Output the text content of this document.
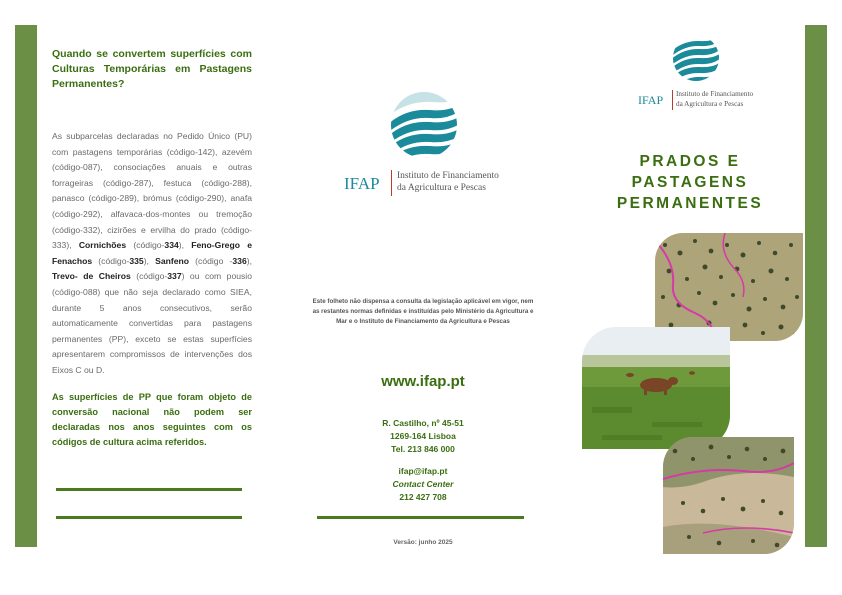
Quando se convertem superfícies com Culturas Temporárias em Pastagens Permanentes?
As subparcelas declaradas no Pedido Único (PU) com pastagens temporárias (código-142), azevém (código-087), consociações anuais e outras forrageiras (código-287), festuca (código-288), panasco (código-289), brómus (código-290), anafa (código-292), alfavaca-dos-montes ou tremoção (código-332), cizirões e ervilha do prado (código-333), Cornichões (código-334), Feno-Grego e Fenachos (código-335), Sanfeno (código -336), Trevo- de Cheiros (código-337) ou com pousio (código-088) que não seja declarado como SIEA, durante 5 anos consecutivos, serão automaticamente convertidas para pastagens permanentes (PP), exceto se estas superfícies apresentarem compromissos de intervenções dos Eixos C ou D.
As superfícies de PP que foram objeto de conversão nacional não podem ser declaradas nos anos seguintes com os códigos de cultura acima referidos.
IFAP Instituto de Financiamento
da Agricultura e Pescas
Este folheto não dispensa a consulta da legislação aplicável em vigor, nem as restantes normas definidas e instituídas pelo Ministério da Agricultura e Mar e o Instituto de Financiamento da Agricultura e Pescas
www.ifap.pt
R. Castilho, nº 45-51
1269-164 Lisboa
Tel. 213 846 000
ifap@ifap.pt
Contact Center
212 427 708
Versão: junho 2025
IFAP Instituto de Financiamento
da Agricultura e Pescas
PRADOS E
PASTAGENS
PERMANENTES
